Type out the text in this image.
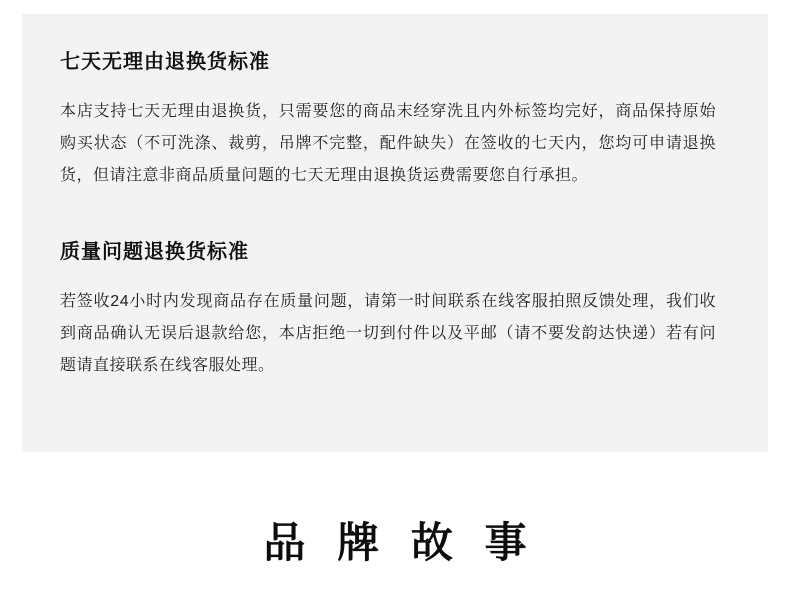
七天无理由退换货标准

本店支持七天无理由退换货，只需要您的商品末经穿洗且内外标签均完好，商品保持原始购买状态（不可洗涤、裁剪，吊牌不完整，配件缺失）在签收的七天内，您均可申请退换货，但请注意非商品质量问题的七天无理由退换货运费需要您自行承担。

质量问题退换货标准

若签收24小时内发现商品存在质量问题，请第一时间联系在线客服拍照反馈处理，我们收到商品确认无误后退款给您，本店拒绝一切到付件以及平邮（请不要发韵达快递）若有问题请直接联系在线客服处理。

品 牌 故 事
